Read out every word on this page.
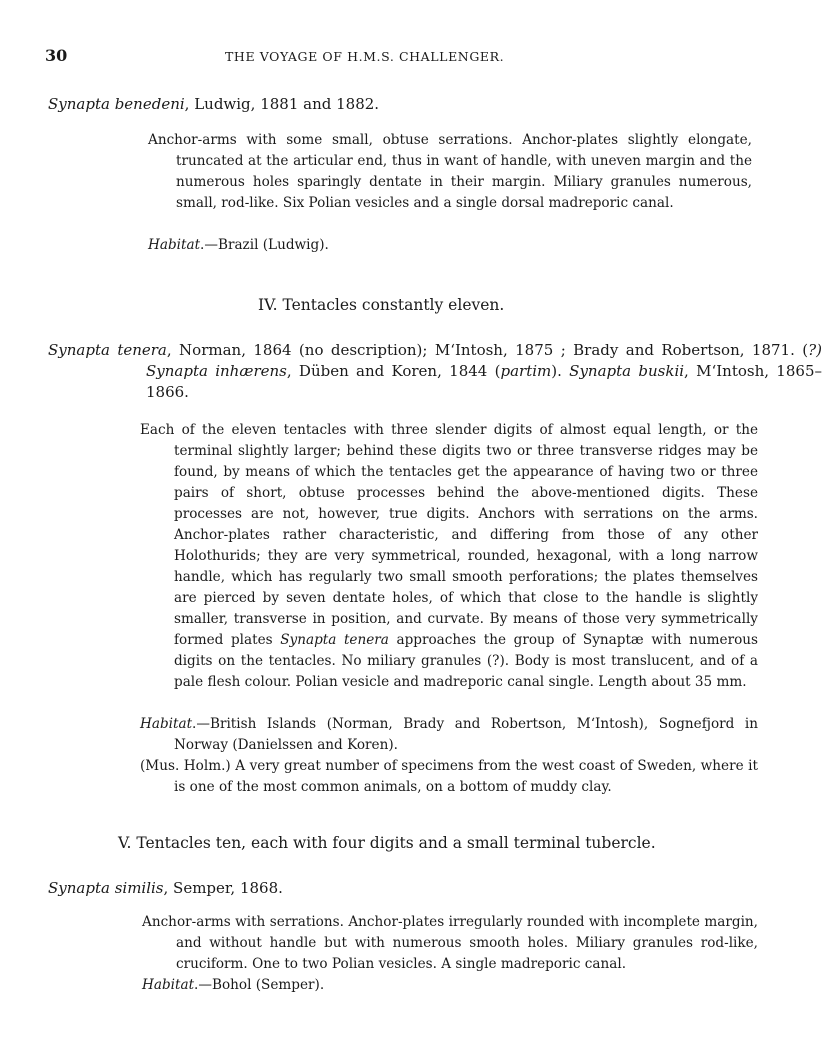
30	THE VOYAGE OF H.M.S. CHALLENGER.
Synapta benedeni, Ludwig, 1881 and 1882.
Anchor-arms with some small, obtuse serrations. Anchor-plates slightly elongate, truncated at the articular end, thus in want of handle, with uneven margin and the numerous holes sparingly dentate in their margin. Miliary granules numerous, small, rod-like. Six Polian vesicles and a single dorsal madreporic canal.
Habitat.—Brazil (Ludwig).
IV. Tentacles constantly eleven.
Synapta tenera, Norman, 1864 (no description); M‘Intosh, 1875 ; Brady and Robertson, 1871. (?) Synapta inhærens, Düben and Koren, 1844 (partim). Synapta buskii, M‘Intosh, 1865–1866.
Each of the eleven tentacles with three slender digits of almost equal length, or the terminal slightly larger; behind these digits two or three transverse ridges may be found, by means of which the tentacles get the appearance of having two or three pairs of short, obtuse processes behind the above-mentioned digits. These processes are not, however, true digits. Anchors with serrations on the arms. Anchor-plates rather characteristic, and differing from those of any other Holothurids; they are very symmetrical, rounded, hexagonal, with a long narrow handle, which has regularly two small smooth perforations; the plates themselves are pierced by seven dentate holes, of which that close to the handle is slightly smaller, transverse in position, and curvate. By means of those very symmetrically formed plates Synapta tenera approaches the group of Synaptæ with numerous digits on the tentacles. No miliary granules (?). Body is most translucent, and of a pale flesh colour. Polian vesicle and madreporic canal single. Length about 35 mm.
Habitat.—British Islands (Norman, Brady and Robertson, M‘Intosh), Sognefjord in Norway (Danielssen and Koren).
(Mus. Holm.) A very great number of specimens from the west coast of Sweden, where it is one of the most common animals, on a bottom of muddy clay.
V. Tentacles ten, each with four digits and a small terminal tubercle.
Synapta similis, Semper, 1868.
Anchor-arms with serrations. Anchor-plates irregularly rounded with incomplete margin, and without handle but with numerous smooth holes. Miliary granules rod-like, cruciform. One to two Polian vesicles. A single madreporic canal.
Habitat.—Bohol (Semper).
